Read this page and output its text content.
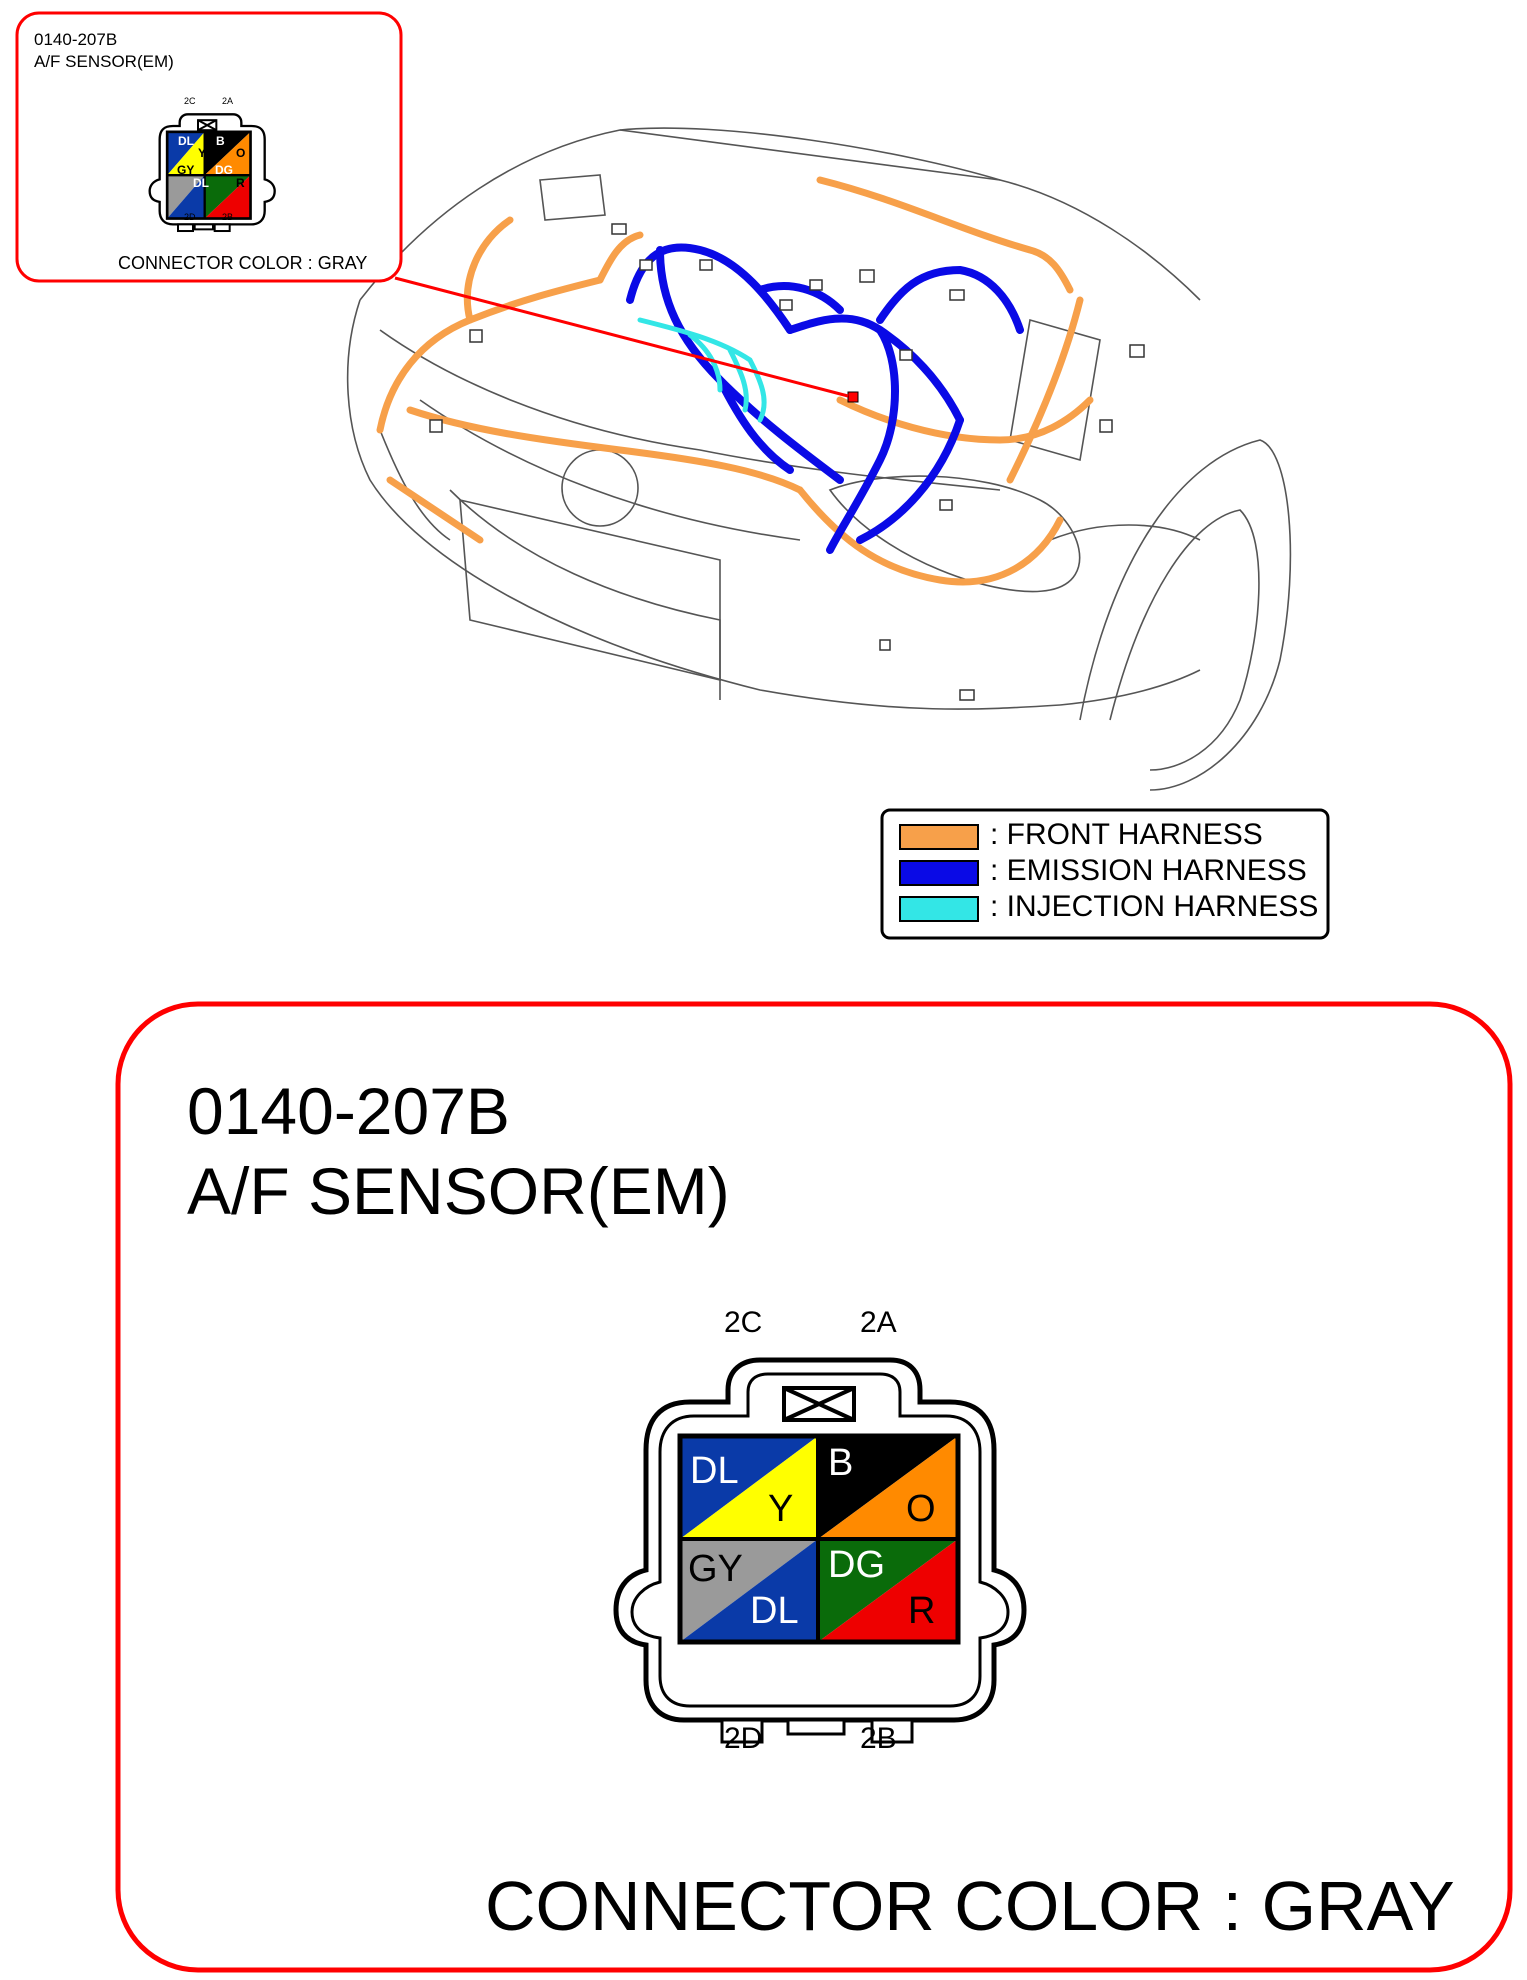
0140-207B
A/F SENSOR(EM)
2C	2A
2D	2B
DL
Y
B
O
GY
DL
DG
R
CONNECTOR COLOR : GRAY
: FRONT HARNESS
: EMISSION HARNESS
: INJECTION HARNESS
0140-207B
A/F SENSOR(EM)
2C	2A
2D	2B
DL
Y
B
O
GY
DL
DG
R
CONNECTOR COLOR : GRAY
